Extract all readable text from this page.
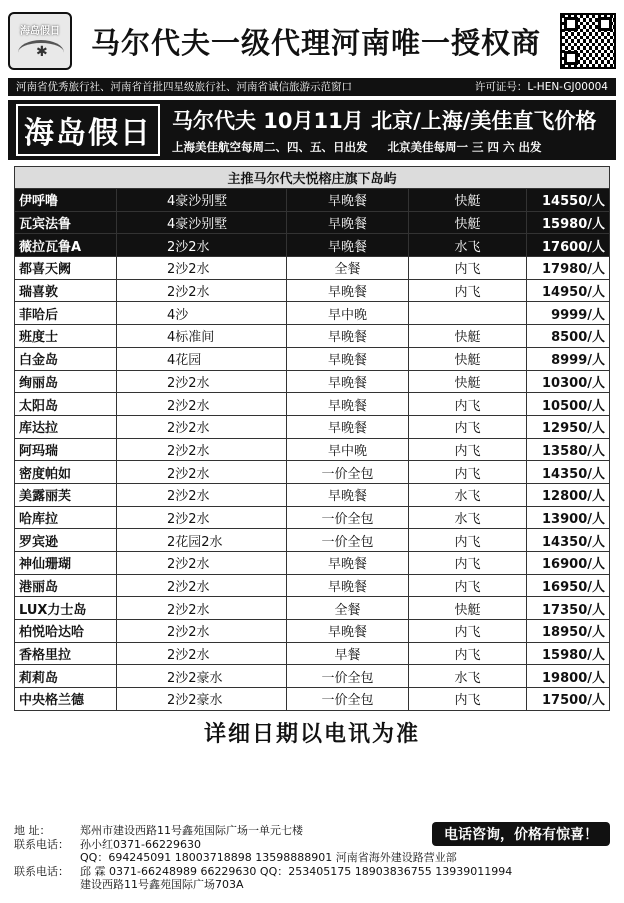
海岛假日
✱	马尔代夫一级代理河南唯一授权商
河南省优秀旅行社、河南省首批四星级旅行社、河南省诚信旅游示范窗口	许可证号：L-HEN-GJ00004
海岛假日 马尔代夫 10月11月 北京/上海/美佳直飞价格
上海美佳航空每周二、四、五、日出发 北京美佳每周一 三 四 六 出发
主推马尔代夫悦榕庄旗下岛屿				
伊呼噜	4豪沙别墅	早晚餐	快艇	14550/人
瓦宾法鲁	4豪沙别墅	早晚餐	快艇	15980/人
薇拉瓦鲁A	2沙2水	早晚餐	水飞	17600/人
都喜天阙	2沙2水	全餐	内飞	17980/人
瑞喜敦	2沙2水	早晚餐	内飞	14950/人
菲哈后	4沙	早中晚		9999/人
班度士	4标准间	早晚餐	快艇	8500/人
白金岛	4花园	早晚餐	快艇	8999/人
绚丽岛	2沙2水	早晚餐	快艇	10300/人
太阳岛	2沙2水	早晚餐	内飞	10500/人
库达拉	2沙2水	早晚餐	内飞	12950/人
阿玛瑞	2沙2水	早中晚	内飞	13580/人
密度帕如	2沙2水	一价全包	内飞	14350/人
美露丽芙	2沙2水	早晚餐	水飞	12800/人
哈库拉	2沙2水	一价全包	水飞	13900/人
罗宾逊	2花园2水	一价全包	内飞	14350/人
神仙珊瑚	2沙2水	早晚餐	内飞	16900/人
港丽岛	2沙2水	早晚餐	内飞	16950/人
LUX力士岛	2沙2水	全餐	快艇	17350/人
柏悦哈达哈	2沙2水	早晚餐	内飞	18950/人
香格里拉	2沙2水	早餐	内飞	15980/人
莉莉岛	2沙2豪水	一价全包	水飞	19800/人
中央格兰德	2沙2豪水	一价全包	内飞	17500/人
详细日期以电讯为准
地 址：	郑州市建设西路11号鑫苑国际广场一单元七楼
联系电话： 孙小红0371-66229630
QQ：694245091 18003718898 13598888901 河南省海外建设路营业部
联系电话： 邱 霖 0371-66248989 66229630 QQ：253405175 18903836755 13939011994
建设西路11号鑫苑国际广场703A
电话咨询，价格有惊喜！
